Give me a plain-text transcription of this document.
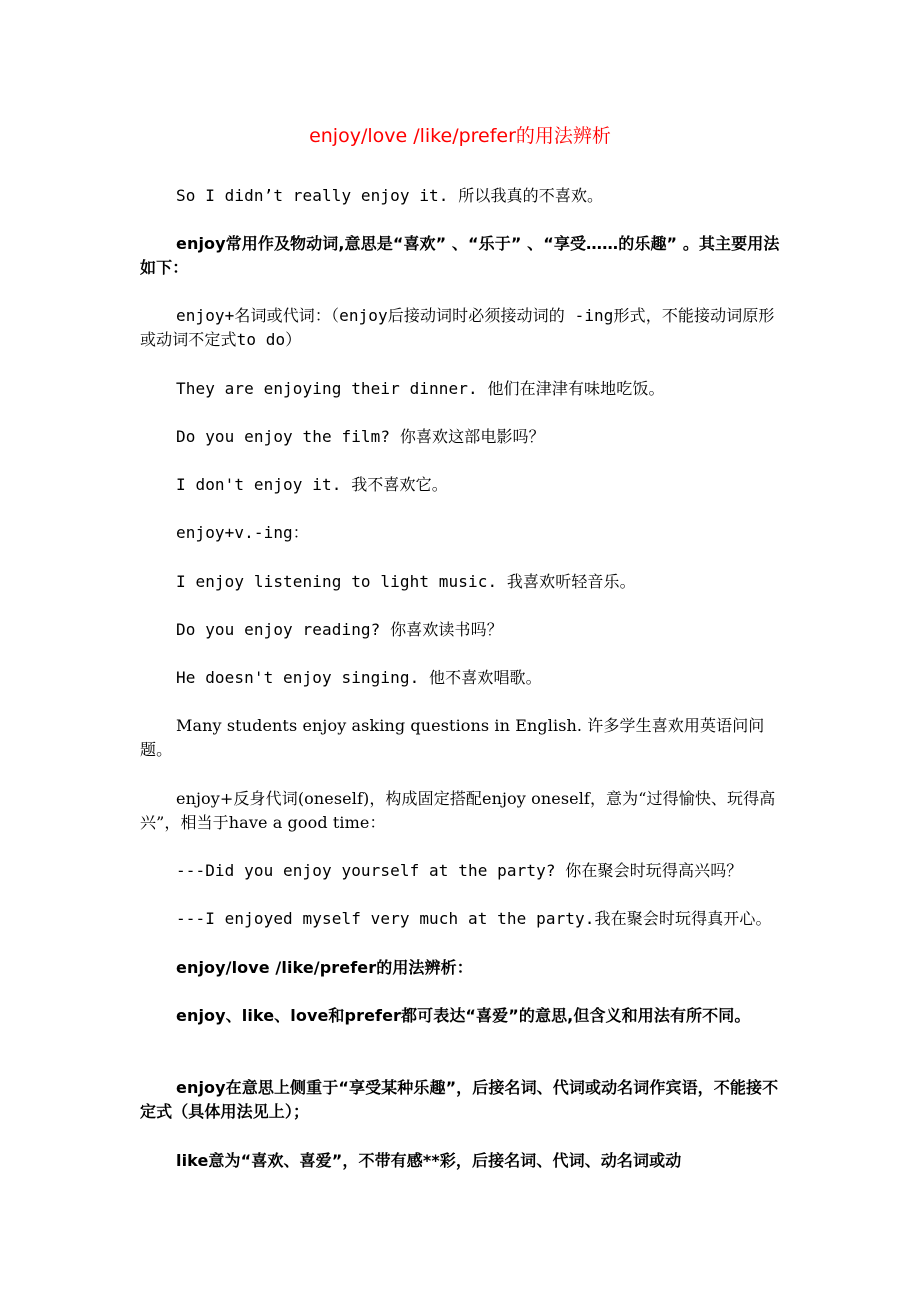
enjoy/love /like/prefer的用法辨析

So I didn’t really enjoy it. 所以我真的不喜欢。

enjoy常用作及物动词,意思是“喜欢” 、“乐于” 、“享受……的乐趣” 。其主要用法如下：

enjoy+名词或代词：（enjoy后接动词时必须接动词的 -ing形式，不能接动词原形或动词不定式to do）

They are enjoying their dinner. 他们在津津有味地吃饭。

Do you enjoy the film? 你喜欢这部电影吗？

I don't enjoy it. 我不喜欢它。

enjoy+v.-ing：

I enjoy listening to light music. 我喜欢听轻音乐。

Do you enjoy reading? 你喜欢读书吗？

He doesn't enjoy singing. 他不喜欢唱歌。

Many students enjoy asking questions in English. 许多学生喜欢用英语问问题。

enjoy+反身代词(oneself)，构成固定搭配enjoy oneself，意为“过得愉快、玩得高兴”，相当于have a good time：

---Did you enjoy yourself at the party? 你在聚会时玩得高兴吗？

---I enjoyed myself very much at the party.我在聚会时玩得真开心。

enjoy/love /like/prefer的用法辨析：

enjoy、like、love和prefer都可表达“喜爱”的意思,但含义和用法有所不同。

enjoy在意思上侧重于“享受某种乐趣”，后接名词、代词或动名词作宾语，不能接不定式（具体用法见上）；

like意为“喜欢、喜爱”，不带有感**彩，后接名词、代词、动名词或动
